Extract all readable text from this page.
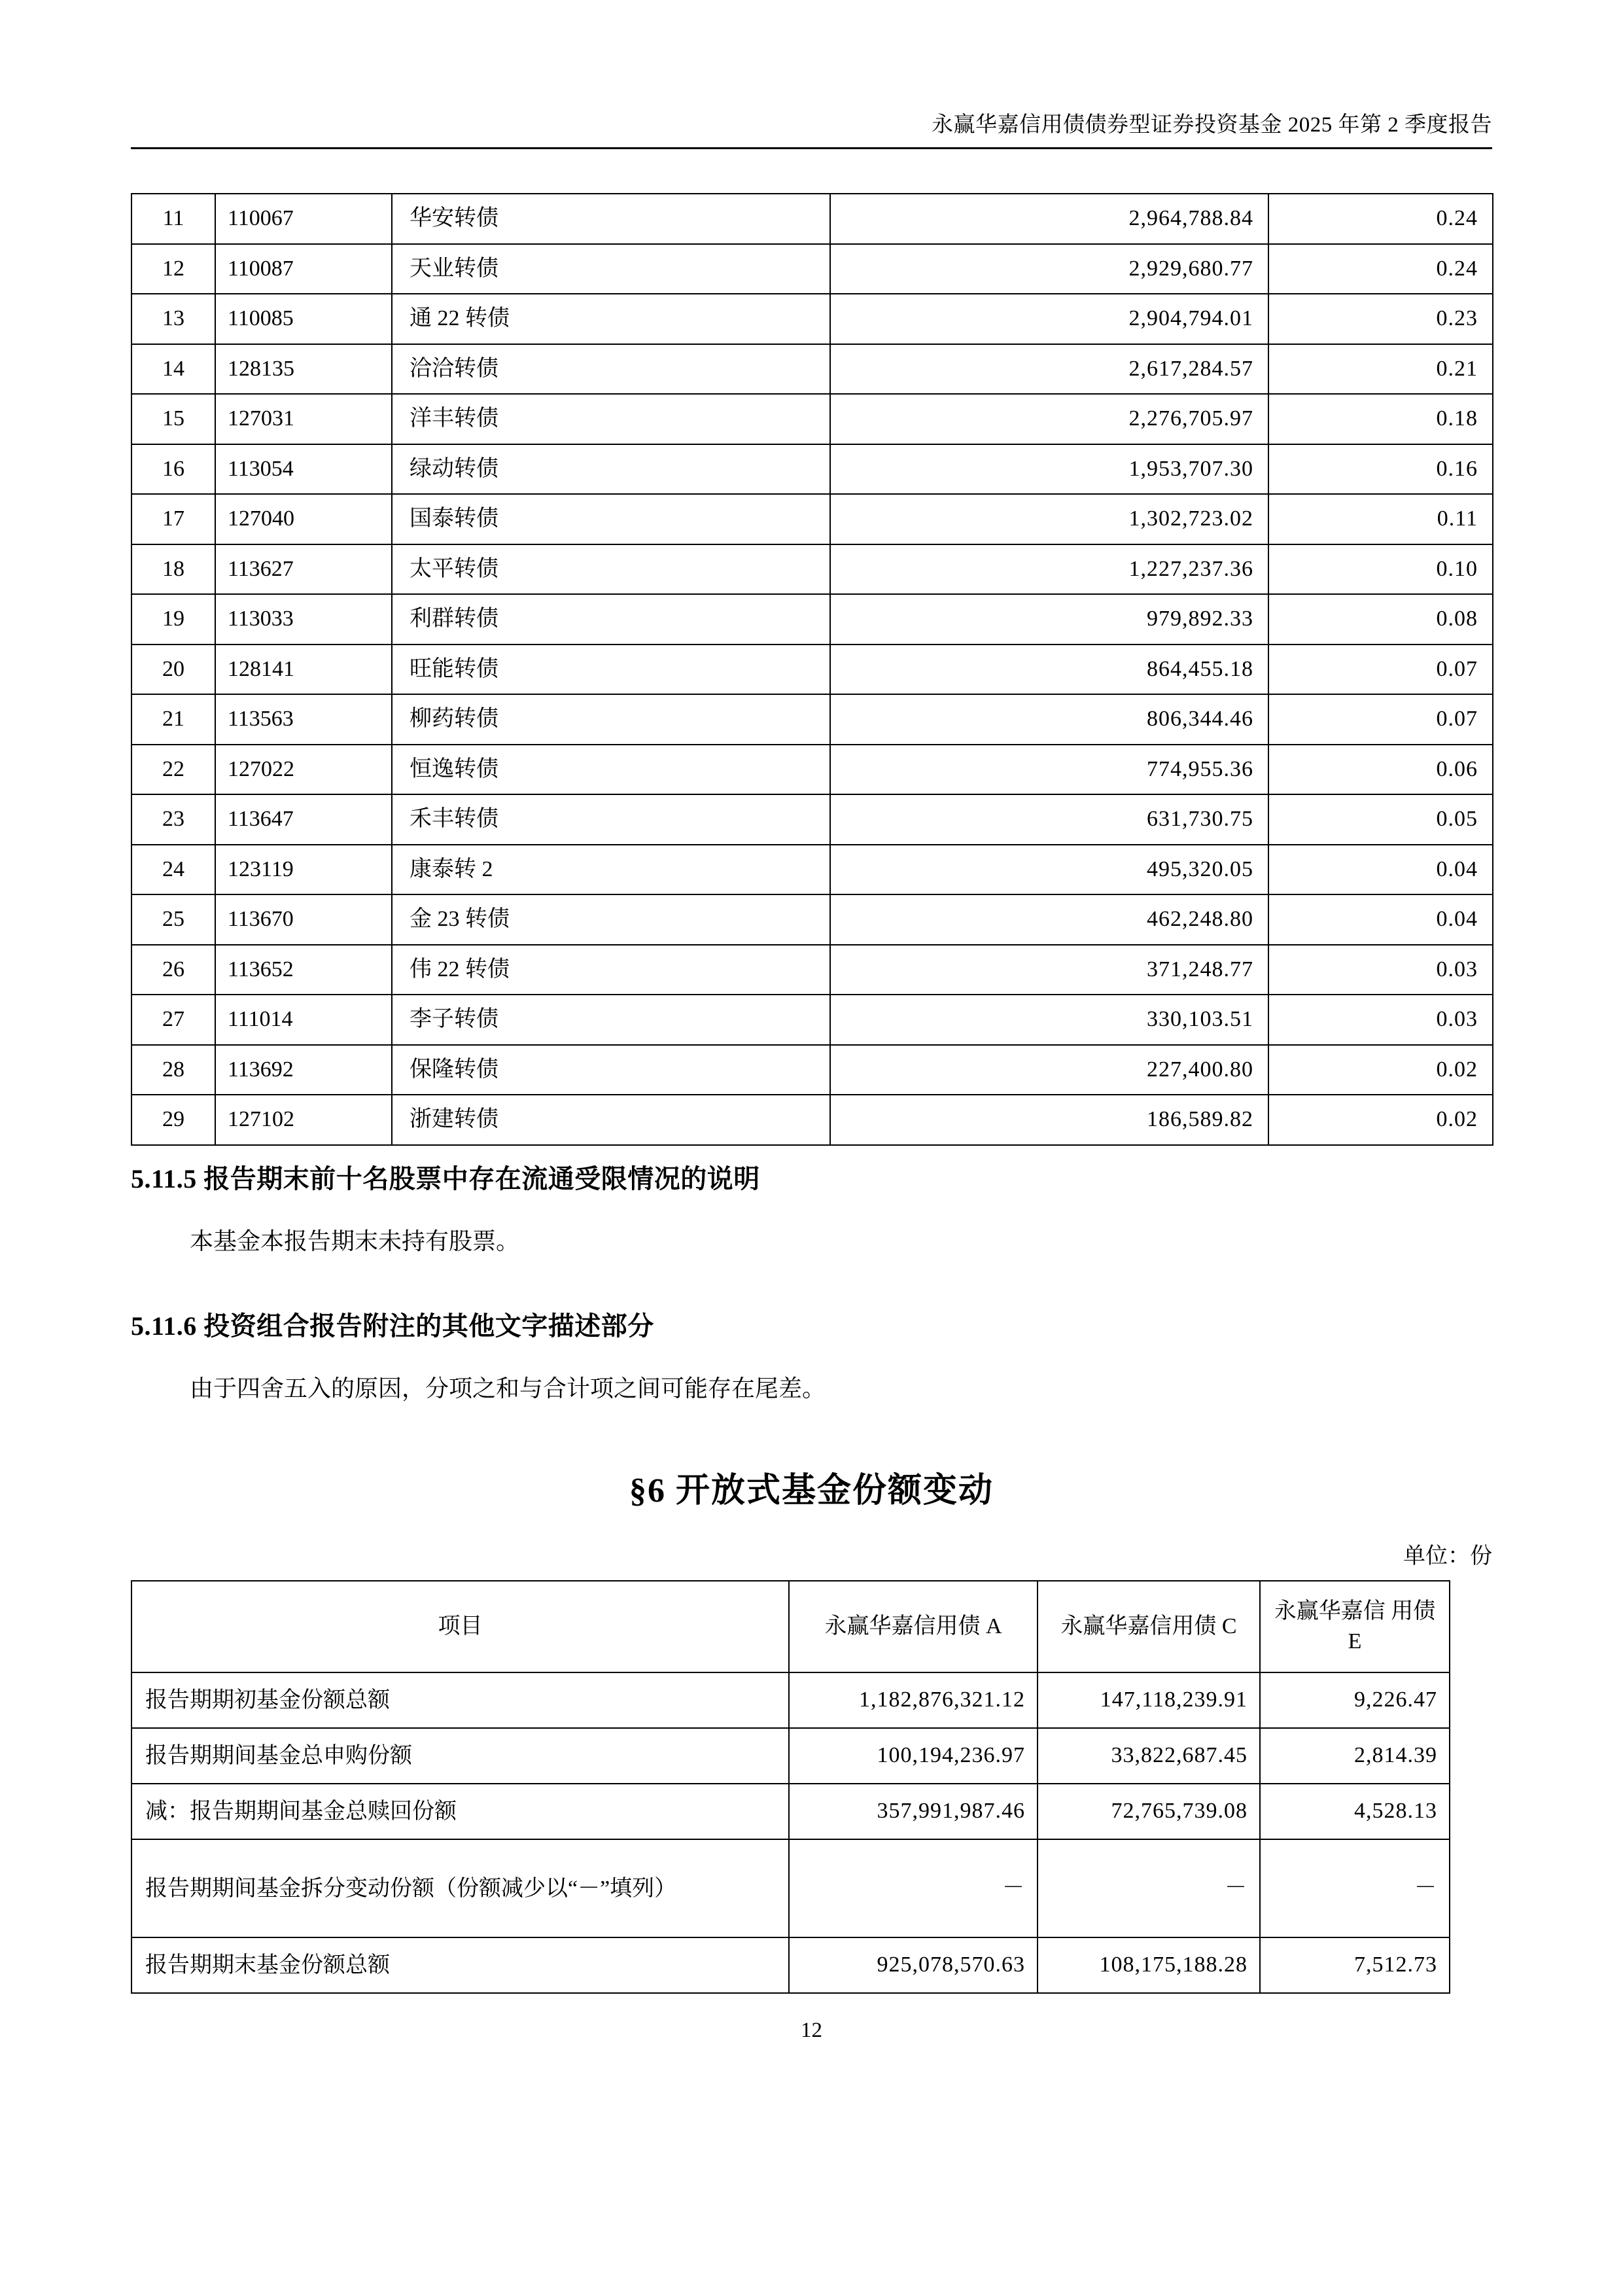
永赢华嘉信用债债券型证券投资基金 2025 年第 2 季度报告
11	110067	华安转债	2,964,788.84	0.24
12	110087	天业转债	2,929,680.77	0.24
13	110085	通 22 转债	2,904,794.01	0.23
14	128135	洽洽转债	2,617,284.57	0.21
15	127031	洋丰转债	2,276,705.97	0.18
16	113054	绿动转债	1,953,707.30	0.16
17	127040	国泰转债	1,302,723.02	0.11
18	113627	太平转债	1,227,237.36	0.10
19	113033	利群转债	979,892.33	0.08
20	128141	旺能转债	864,455.18	0.07
21	113563	柳药转债	806,344.46	0.07
22	127022	恒逸转债	774,955.36	0.06
23	113647	禾丰转债	631,730.75	0.05
24	123119	康泰转 2	495,320.05	0.04
25	113670	金 23 转债	462,248.80	0.04
26	113652	伟 22 转债	371,248.77	0.03
27	111014	李子转债	330,103.51	0.03
28	113692	保隆转债	227,400.80	0.02
29	127102	浙建转债	186,589.82	0.02
5.11.5 报告期末前十名股票中存在流通受限情况的说明
本基金本报告期末未持有股票。
5.11.6 投资组合报告附注的其他文字描述部分
由于四舍五入的原因，分项之和与合计项之间可能存在尾差。
§6 开放式基金份额变动
单位：份
项目	永赢华嘉信用债 A	永赢华嘉信用债 C	永赢华嘉信 用债 E
报告期期初基金份额总额	1,182,876,321.12	147,118,239.91	9,226.47
报告期期间基金总申购份额	100,194,236.97	33,822,687.45	2,814.39
减：报告期期间基金总赎回份额	357,991,987.46	72,765,739.08	4,528.13
报告期期间基金拆分变动份额（份额减少以“－”填列）	－	－	－
报告期期末基金份额总额	925,078,570.63	108,175,188.28	7,512.73
12
